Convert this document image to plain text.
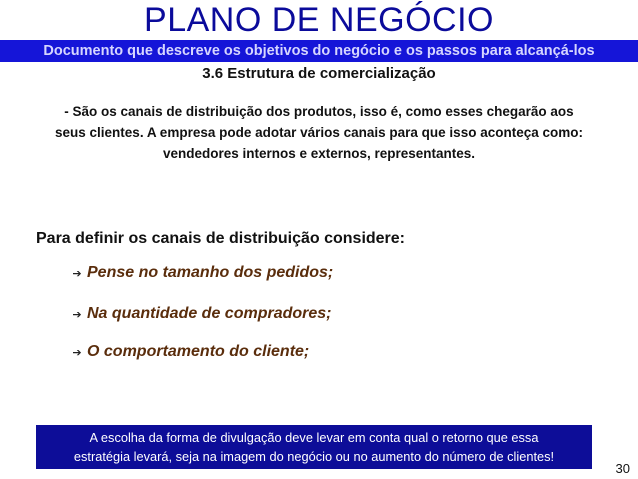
PLANO DE NEGÓCIO
Documento que descreve os objetivos do negócio e os passos para alcançá-los
3.6 Estrutura de comercialização
- São os canais de distribuição dos produtos, isso é, como esses chegarão aos
seus clientes. A empresa pode adotar vários canais para que isso aconteça como:
vendedores internos e externos, representantes.
Para definir os canais de distribuição considere:
➔ Pense no tamanho dos pedidos;
➔ Na quantidade de compradores;
➔ O comportamento do cliente;
A escolha da forma de divulgação deve levar em conta qual o retorno que essa
estratégia levará, seja na imagem do negócio ou no aumento do número de clientes!
30
